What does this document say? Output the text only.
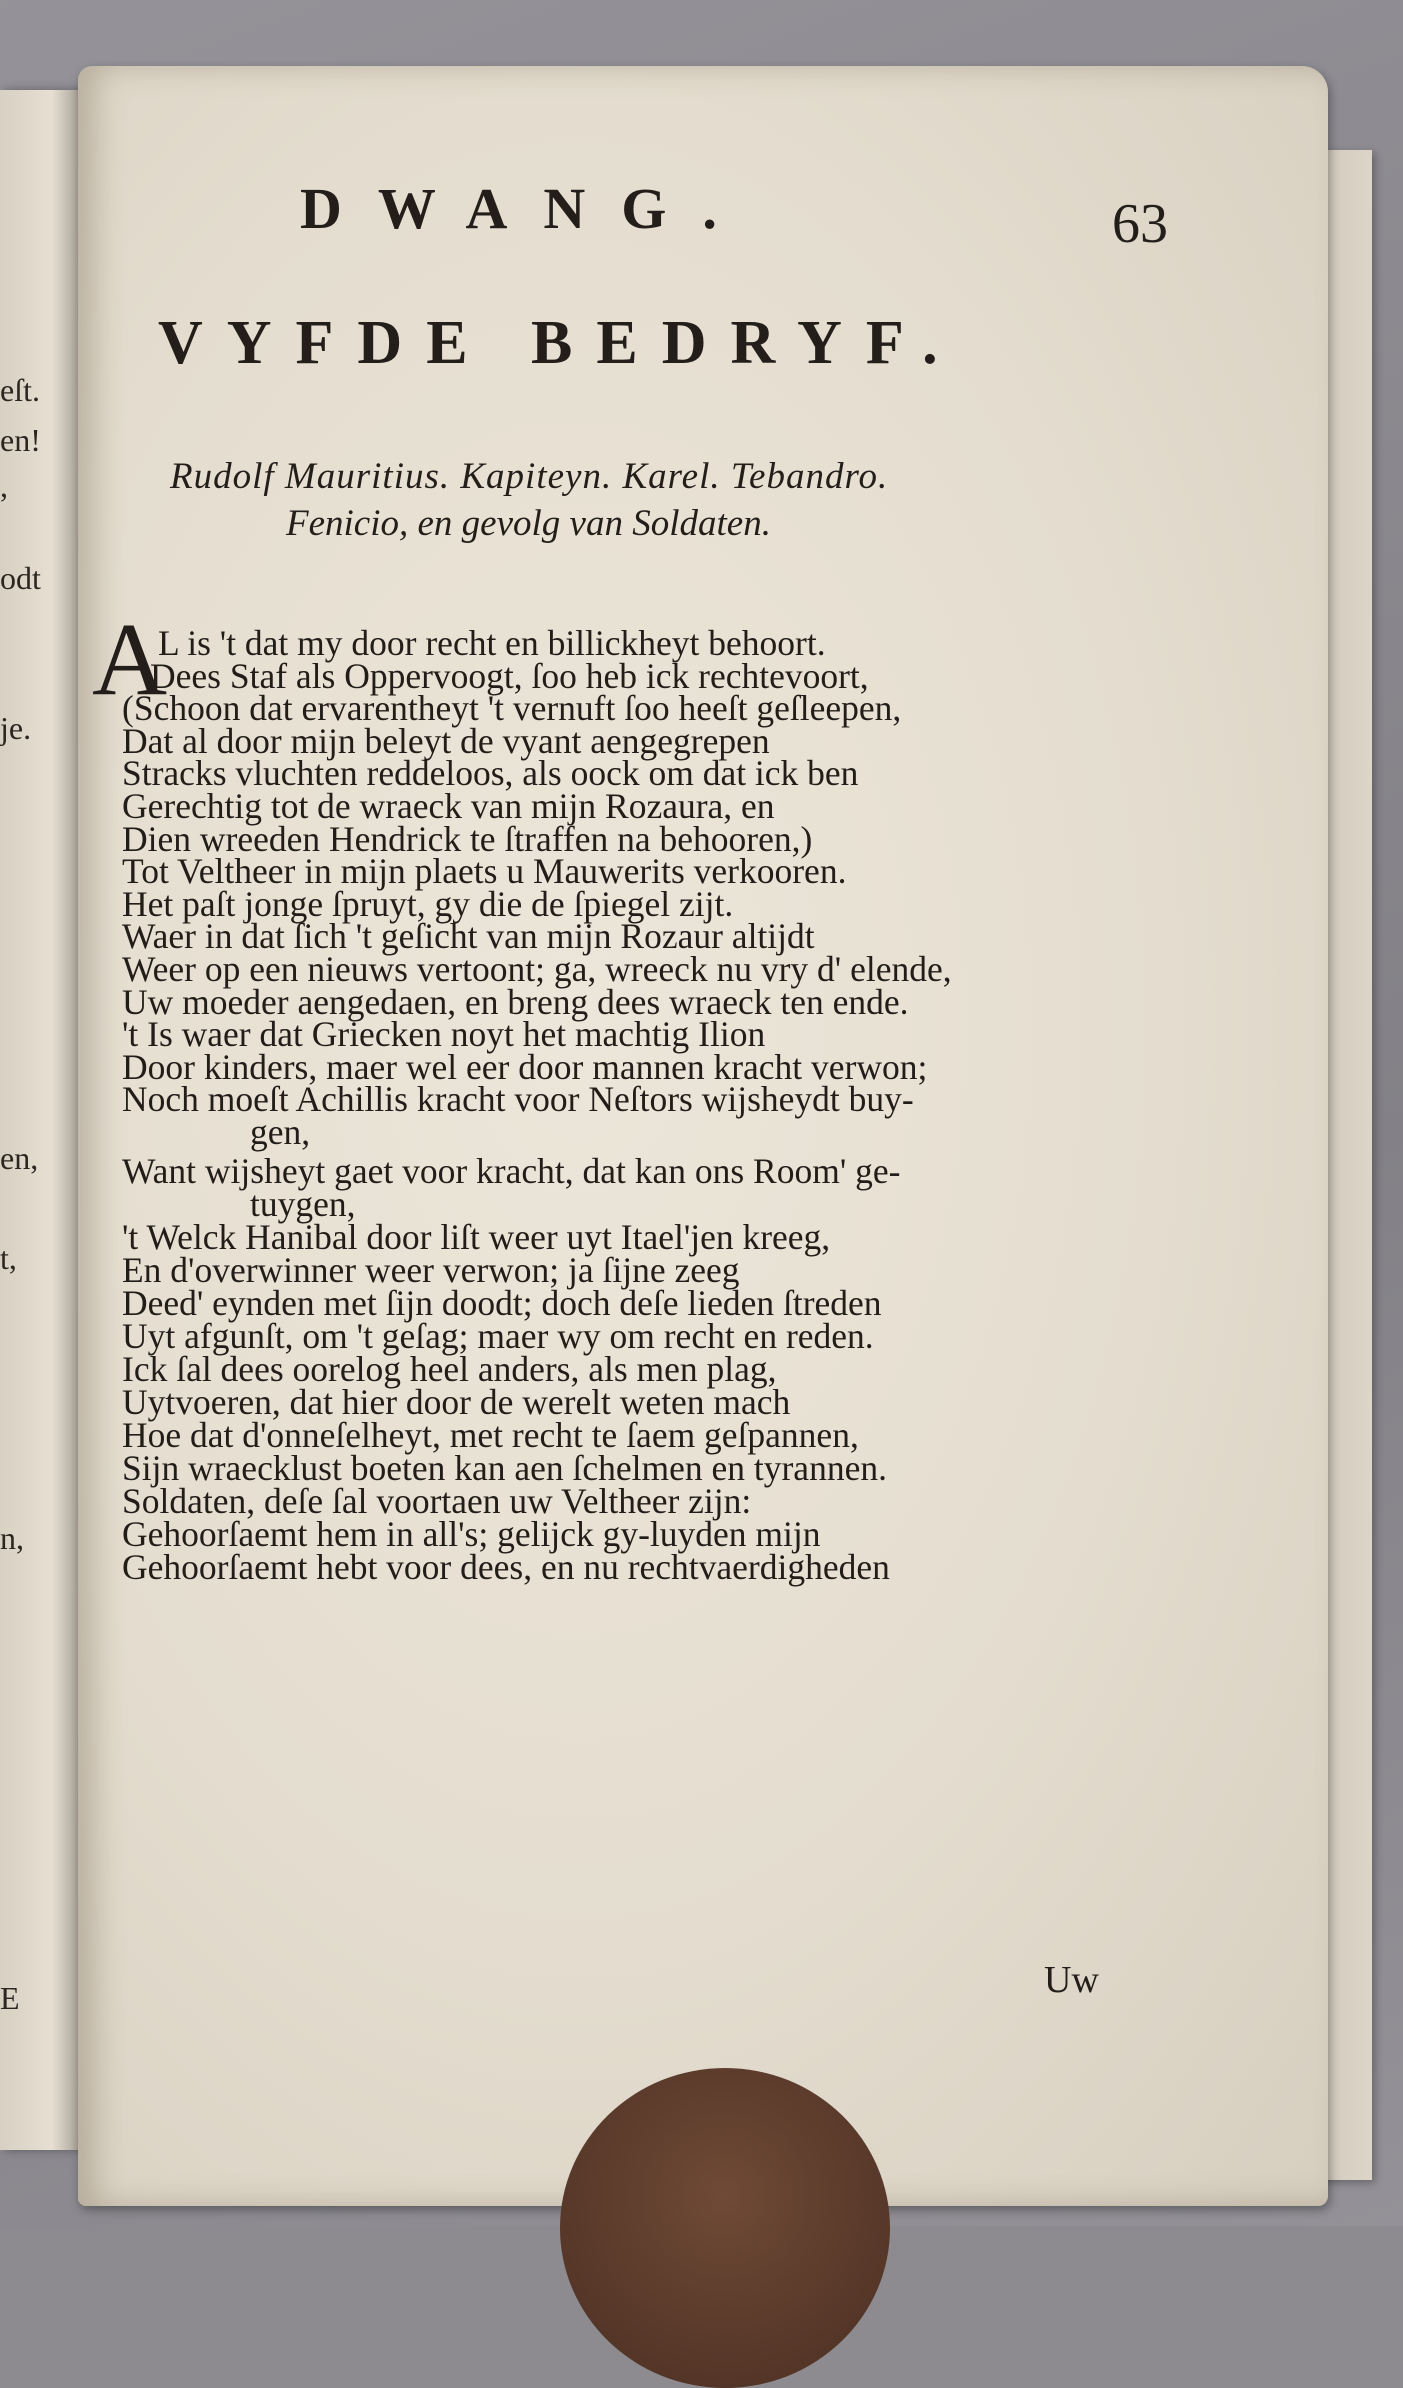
eſt.
en!
,
odt
je.
en,
t,
n,
E
DWANG.	63
VYFDE BEDRYF.
Rudolf Mauritius. Kapiteyn. Karel. Tebandro.
Fenicio, en gevolg van Soldaten.
A
L is 't dat my door recht en billickheyt behoort.
Dees Staf als Oppervoogt, ſoo heb ick rechtevoort,
(Schoon dat ervarentheyt 't vernuft ſoo heeſt geſleepen,
Dat al door mijn beleyt de vyant aengegrepen
Stracks vluchten reddeloos, als oock om dat ick ben
Gerechtig tot de wraeck van mijn Rozaura, en
Dien wreeden Hendrick te ſtraffen na behooren,)
Tot Veltheer in mijn plaets u Mauwerits verkooren.
Het paſt jonge ſpruyt, gy die de ſpiegel zijt.
Waer in dat ſich 't geſicht van mijn Rozaur altijdt
Weer op een nieuws vertoont; ga, wreeck nu vry d' elende,
Uw moeder aengedaen, en breng dees wraeck ten ende.
't Is waer dat Griecken noyt het machtig Ilion
Door kinders, maer wel eer door mannen kracht verwon;
Noch moeſt Achillis kracht voor Neſtors wijsheydt buy-
gen,
Want wijsheyt gaet voor kracht, dat kan ons Room' ge-
tuygen,
't Welck Hanibal door liſt weer uyt Itael'jen kreeg,
En d'overwinner weer verwon; ja ſijne zeeg
Deed' eynden met ſijn doodt; doch deſe lieden ſtreden
Uyt afgunſt, om 't geſag; maer wy om recht en reden.
Ick ſal dees oorelog heel anders, als men plag,
Uytvoeren, dat hier door de werelt weten mach
Hoe dat d'onneſelheyt, met recht te ſaem geſpannen,
Sijn wraecklust boeten kan aen ſchelmen en tyrannen.
Soldaten, deſe ſal voortaen uw Veltheer zijn:
Gehoorſaemt hem in all's; gelijck gy-luyden mijn
Gehoorſaemt hebt voor dees, en nu rechtvaerdigheden
Uw
